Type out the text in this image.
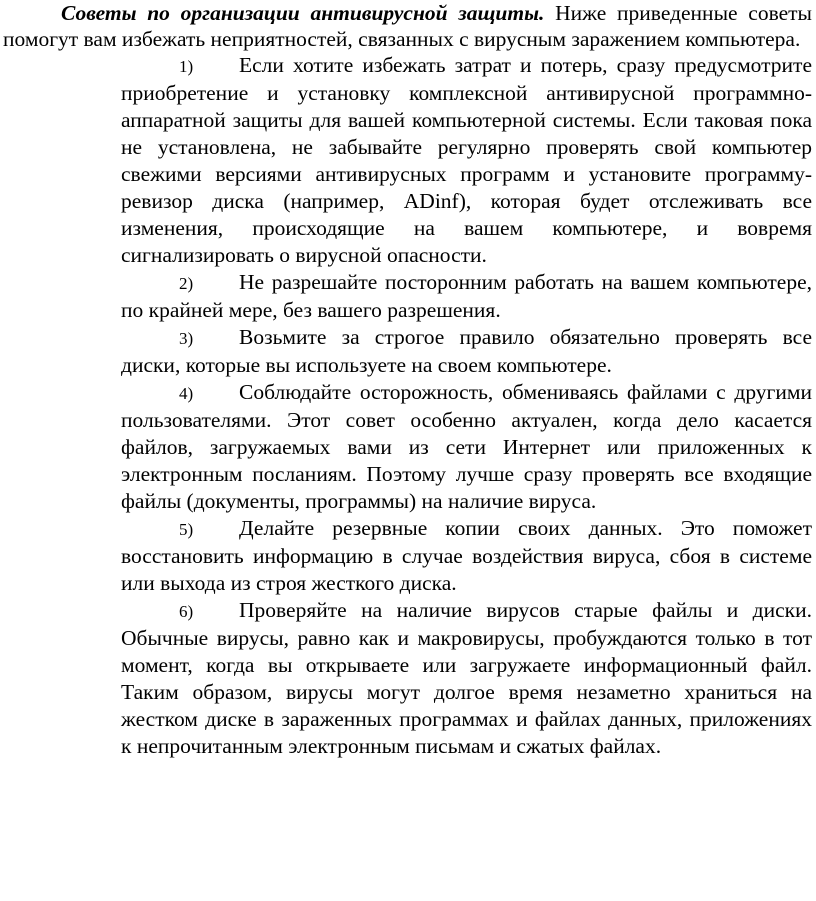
Советы по организации антивирусной защиты. Ниже приведенные советы помогут вам избежать неприятностей, связанных с вирусным заражением компьютера.

1) Если хотите избежать затрат и потерь, сразу предусмотрите приобретение и установку комплексной антивирусной программно-аппаратной защиты для вашей компьютерной системы. Если таковая пока не установлена, не забывайте регулярно проверять свой компьютер свежими версиями антивирусных программ и установите программу-ревизор диска (например, ADinf), которая будет отслеживать все изменения, происходящие на вашем компьютере, и вовремя сигнализировать о вирусной опасности.
2) Не разрешайте посторонним работать на вашем компьютере, по крайней мере, без вашего разрешения.
3) Возьмите за строгое правило обязательно проверять все диски, которые вы используете на своем компьютере.
4) Соблюдайте осторожность, обмениваясь файлами с другими пользователями. Этот совет особенно актуален, когда дело касается файлов, загружаемых вами из сети Интернет или приложенных к электронным посланиям. Поэтому лучше сразу проверять все входящие файлы (документы, программы) на наличие вируса.
5) Делайте резервные копии своих данных. Это поможет восстановить информацию в случае воздействия вируса, сбоя в системе или выхода из строя жесткого диска.
6) Проверяйте на наличие вирусов старые файлы и диски. Обычные вирусы, равно как и макровирусы, пробуждаются только в тот момент, когда вы открываете или загружаете информационный файл. Таким образом, вирусы могут долгое время незаметно храниться на жестком диске в зараженных программах и файлах данных, приложениях к непрочитанным электронным письмам и сжатых файлах.
